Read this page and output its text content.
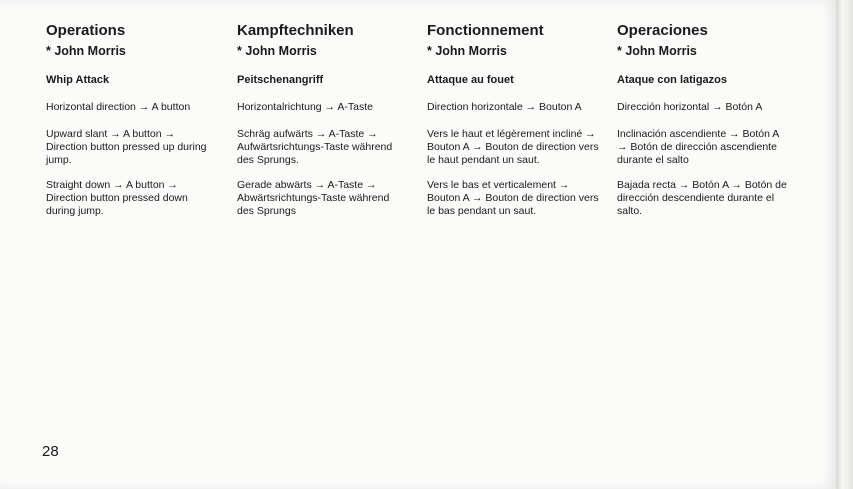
Operations

* John Morris

Whip Attack

Horizontal direction → A button

Upward slant → A button → Direction button pressed up during jump.

Straight down → A button → Direction button pressed down during jump.

Kampftechniken

* John Morris

Peitschenangriff

Horizontalrichtung → A-Taste

Schräg aufwärts → A-Taste → Aufwärtsrichtungs-Taste während des Sprungs.

Gerade abwärts → A-Taste → Abwärtsrichtungs-Taste während des Sprungs

Fonctionnement

* John Morris

Attaque au fouet

Direction horizontale → Bouton A

Vers le haut et légèrement incliné → Bouton A → Bouton de direction vers le haut pendant un saut.

Vers le bas et verticalement → Bouton A → Bouton de direction vers le bas pendant un saut.

Operaciones

* John Morris

Ataque con latigazos

Dirección horizontal → Botón A

Inclinación ascendiente → Botón A → Botón de dirección ascendiente durante el salto

Bajada recta → Botón A → Botón de dirección descendiente durante el salto.

28
